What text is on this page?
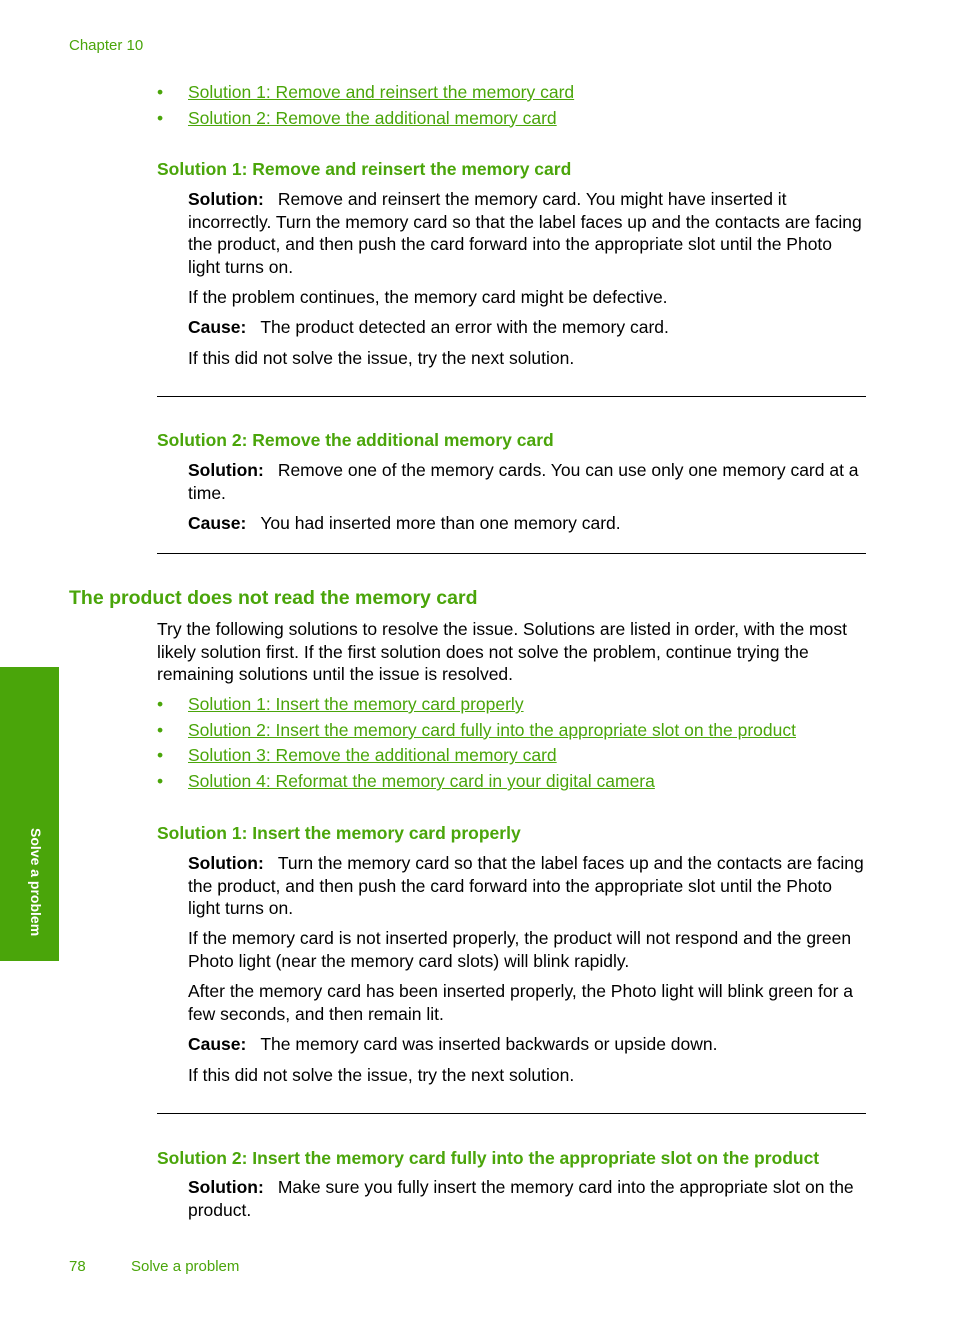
Chapter 10
• Solution 1: Remove and reinsert the memory card
• Solution 2: Remove the additional memory card
Solution 1: Remove and reinsert the memory card
Solution: Remove and reinsert the memory card. You might have inserted it incorrectly. Turn the memory card so that the label faces up and the contacts are facing the product, and then push the card forward into the appropriate slot until the Photo light turns on.
If the problem continues, the memory card might be defective.
Cause: The product detected an error with the memory card.
If this did not solve the issue, try the next solution.
Solution 2: Remove the additional memory card
Solution: Remove one of the memory cards. You can use only one memory card at a time.
Cause: You had inserted more than one memory card.
The product does not read the memory card
Try the following solutions to resolve the issue. Solutions are listed in order, with the most likely solution first. If the first solution does not solve the problem, continue trying the remaining solutions until the issue is resolved.
• Solution 1: Insert the memory card properly
• Solution 2: Insert the memory card fully into the appropriate slot on the product
• Solution 3: Remove the additional memory card
• Solution 4: Reformat the memory card in your digital camera
Solution 1: Insert the memory card properly
Solution: Turn the memory card so that the label faces up and the contacts are facing the product, and then push the card forward into the appropriate slot until the Photo light turns on.
If the memory card is not inserted properly, the product will not respond and the green Photo light (near the memory card slots) will blink rapidly.
After the memory card has been inserted properly, the Photo light will blink green for a few seconds, and then remain lit.
Cause: The memory card was inserted backwards or upside down.
If this did not solve the issue, try the next solution.
Solution 2: Insert the memory card fully into the appropriate slot on the product
Solution: Make sure you fully insert the memory card into the appropriate slot on the product.
Solve a problem
78	Solve a problem
